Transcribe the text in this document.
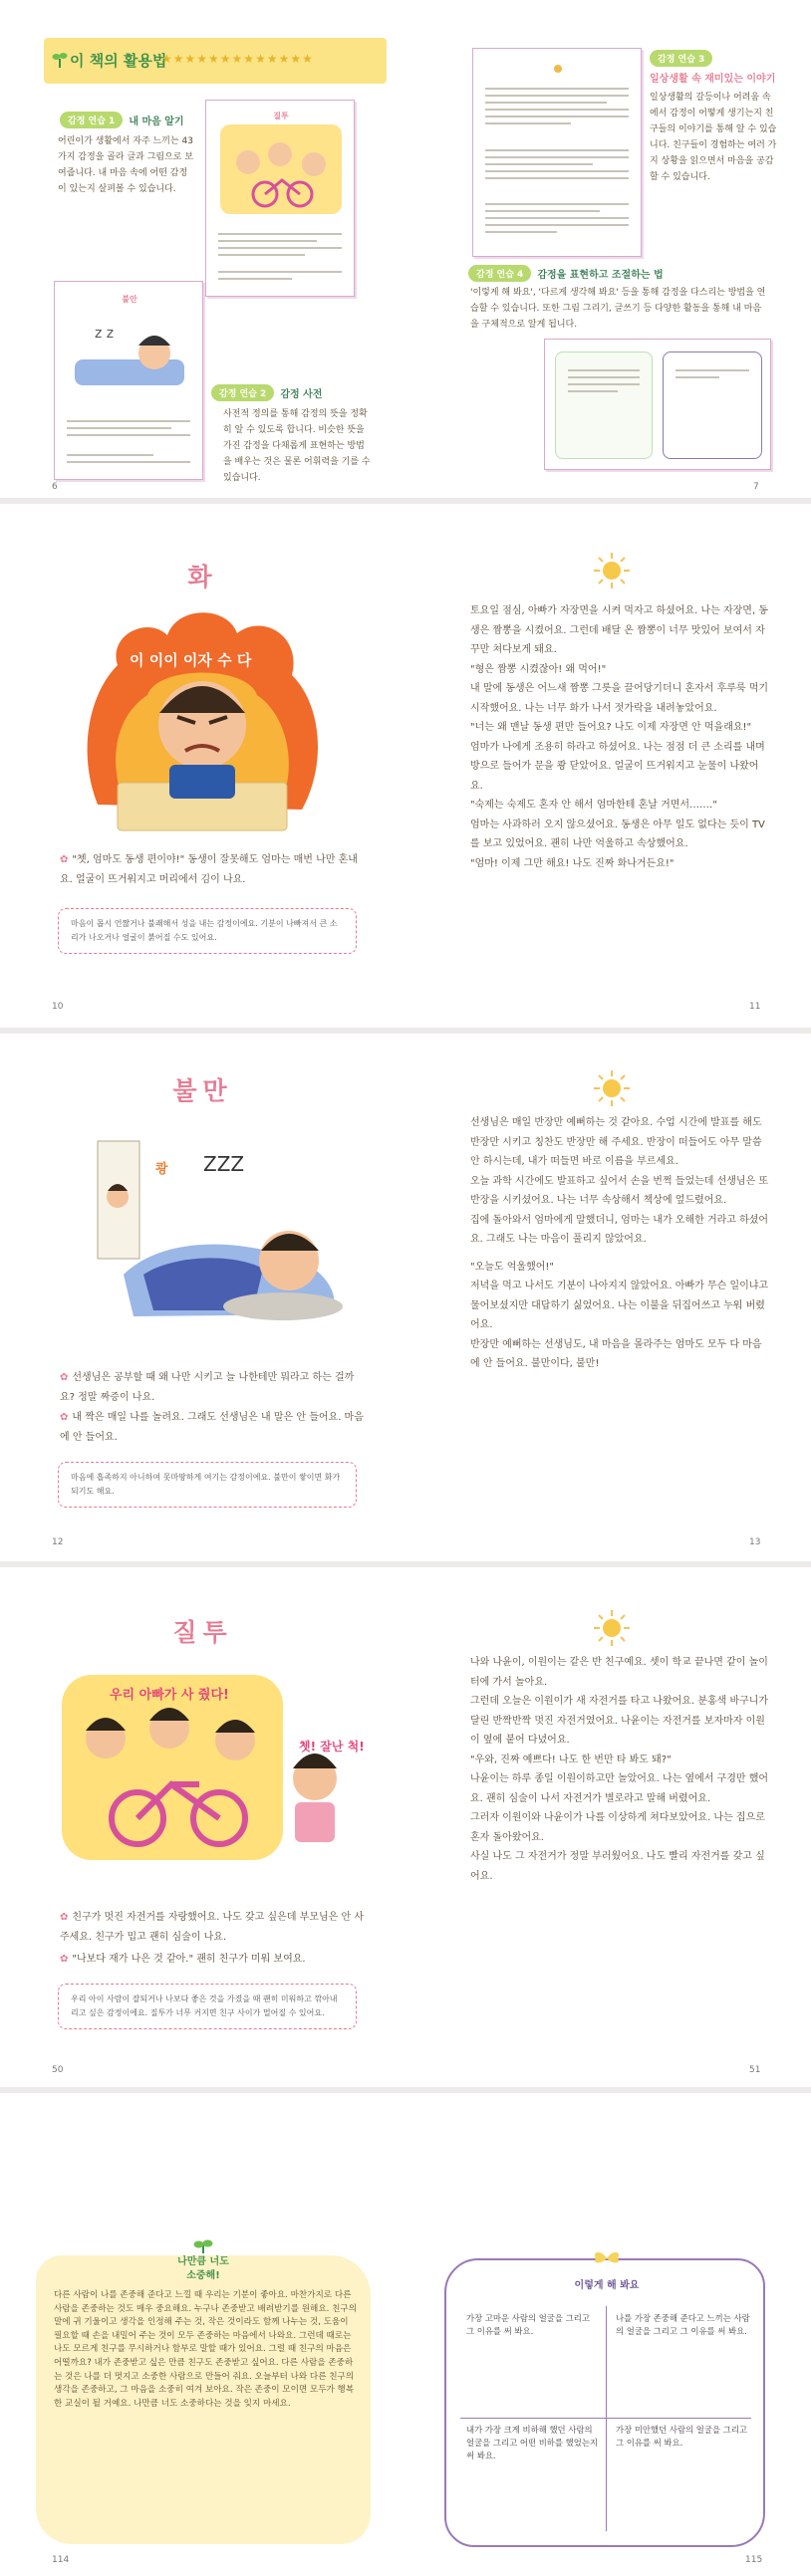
이 책의 활용법
★★★★★★★★★★★★★
감정 연습 1	내 마음 알기
어린이가 생활에서 자주 느끼는 43가지 감정을 골라 글과 그림으로 보여줍니다. 내 마음 속에 어떤 감정이 있는지 살펴볼 수 있습니다.
질투
불안
z z
감정 연습 2	감정 사전
사전적 정의를 통해 감정의 뜻을 정확히 알 수 있도록 합니다. 비슷한 뜻을 가진 감정을 다채롭게 표현하는 방법을 배우는 것은 물론 어휘력을 기를 수 있습니다.
감정 연습 3
일상생활 속 재미있는 이야기
일상생활의 갈등이나 어려움 속에서 감정이 어떻게 생기는지 친구들의 이야기를 통해 알 수 있습니다. 친구들이 경험하는 여러 가지 상황을 읽으면서 마음을 공감할 수 있습니다.
감정 연습 4	감정을 표현하고 조절하는 법
'이렇게 해 봐요', '다르게 생각해 봐요' 등을 통해 감정을 다스리는 방법을 연습할 수 있습니다. 또한 그림 그리기, 글쓰기 등 다양한 활동을 통해 내 마음을 구체적으로 알게 됩니다.
6	7
화
이 이이 이자 수 다
✿ "쳇, 엄마도 동생 편이야!" 동생이 잘못해도 엄마는 매번 나만 혼내요. 얼굴이 뜨거워지고 머리에서 김이 나요.
마음이 몹시 언짢거나 불쾌해서 성을 내는 감정이에요. 기분이 나빠져서 큰 소리가 나오거나 얼굴이 붉어질 수도 있어요.

토요일 점심, 아빠가 자장면을 시켜 먹자고 하셨어요. 나는 자장면, 동생은 짬뽕을 시켰어요. 그런데 배달 온 짬뽕이 너무 맛있어 보여서 자꾸만 쳐다보게 돼요.

"형은 짬뽕 시켰잖아! 왜 먹어!"

내 말에 동생은 어느새 짬뽕 그릇을 끌어당기더니 혼자서 후루룩 먹기 시작했어요. 나는 너무 화가 나서 젓가락을 내려놓았어요.

"너는 왜 맨날 동생 편만 들어요? 나도 이제 자장면 안 먹을래요!"

엄마가 나에게 조용히 하라고 하셨어요. 나는 점점 더 큰 소리를 내며 방으로 들어가 문을 쾅 닫았어요. 얼굴이 뜨거워지고 눈물이 나왔어요.

"숙제는 숙제도 혼자 안 해서 엄마한테 혼날 거면서……."

엄마는 사과하러 오지 않으셨어요. 동생은 아무 일도 없다는 듯이 TV를 보고 있었어요. 괜히 나만 억울하고 속상했어요.

"엄마! 이제 그만 해요! 나도 진짜 화나거든요!"

10	11
불만
ZZZ
쾅
✿ 선생님은 공부할 때 왜 나만 시키고 늘 나한테만 뭐라고 하는 걸까요? 정말 짜증이 나요.
✿ 내 짝은 매일 나를 놀려요. 그래도 선생님은 내 말은 안 들어요. 마음에 안 들어요.
마음에 흡족하지 아니하여 못마땅하게 여기는 감정이에요. 불만이 쌓이면 화가 되기도 해요.

선생님은 매일 반장만 예뻐하는 것 같아요. 수업 시간에 발표를 해도 반장만 시키고 칭찬도 반장만 해 주세요. 반장이 떠들어도 아무 말씀 안 하시는데, 내가 떠들면 바로 이름을 부르세요.

오늘 과학 시간에도 발표하고 싶어서 손을 번쩍 들었는데 선생님은 또 반장을 시키셨어요. 나는 너무 속상해서 책상에 엎드렸어요.

집에 돌아와서 엄마에게 말했더니, 엄마는 내가 오해한 거라고 하셨어요. 그래도 나는 마음이 풀리지 않았어요.

"오늘도 억울했어!"

저녁을 먹고 나서도 기분이 나아지지 않았어요. 아빠가 무슨 일이냐고 물어보셨지만 대답하기 싫었어요. 나는 이불을 뒤집어쓰고 누워 버렸어요.

반장만 예뻐하는 선생님도, 내 마음을 몰라주는 엄마도 모두 다 마음에 안 들어요. 불만이다, 불만!

12	13
질투
우리 아빠가 사 줬다!
쳇! 잘난 척!
✿ 친구가 멋진 자전거를 자랑했어요. 나도 갖고 싶은데 부모님은 안 사 주세요. 친구가 밉고 괜히 심술이 나요.
✿ "나보다 재가 나은 것 같아." 괜히 친구가 미워 보여요.
우리 아이 사람이 잘되거나 나보다 좋은 것을 가졌을 때 괜히 미워하고 깎아내리고 싶은 감정이에요. 질투가 너무 커지면 친구 사이가 멀어질 수 있어요.

나와 나윤이, 이원이는 같은 반 친구예요. 셋이 학교 끝나면 같이 놀이터에 가서 놀아요.

그런데 오늘은 이원이가 새 자전거를 타고 나왔어요. 분홍색 바구니가 달린 반짝반짝 멋진 자전거였어요. 나윤이는 자전거를 보자마자 이원이 옆에 붙어 다녔어요.

"우와, 진짜 예쁘다! 나도 한 번만 타 봐도 돼?"

나윤이는 하루 종일 이원이하고만 놀았어요. 나는 옆에서 구경만 했어요. 괜히 심술이 나서 자전거가 별로라고 말해 버렸어요.

그러자 이원이와 나윤이가 나를 이상하게 쳐다보았어요. 나는 집으로 혼자 돌아왔어요.

사실 나도 그 자전거가 정말 부러웠어요. 나도 빨리 자전거를 갖고 싶어요.

50	51
나만큼 너도
소중해!
다른 사람이 나를 존중해 준다고 느낄 때 우리는 기분이 좋아요. 마찬가지로 다른 사람을 존중하는 것도 매우 중요해요. 누구나 존중받고 배려받기를 원해요. 친구의 말에 귀 기울이고 생각을 인정해 주는 것, 작은 것이라도 함께 나누는 것, 도움이 필요할 때 손을 내밀어 주는 것이 모두 존중하는 마음에서 나와요. 그런데 때로는 나도 모르게 친구를 무시하거나 함부로 말할 때가 있어요. 그럴 때 친구의 마음은 어떨까요? 내가 존중받고 싶은 만큼 친구도 존중받고 싶어요. 다른 사람을 존중하는 것은 나를 더 멋지고 소중한 사람으로 만들어 줘요. 오늘부터 나와 다른 친구의 생각을 존중하고, 그 마음을 소중히 여겨 보아요. 작은 존중이 모이면 모두가 행복한 교실이 될 거예요. 나만큼 너도 소중하다는 것을 잊지 마세요.
이렇게 해 봐요
가장 고마운 사람의 얼굴을 그리고 그 이유를 써 봐요.
나를 가장 존중해 준다고 느끼는 사람의 얼굴을 그리고 그 이유를 써 봐요.
내가 가장 크게 비하해 했던 사람의 얼굴을 그리고 어떤 비하를 했었는지 써 봐요.
가장 미안했던 사람의 얼굴을 그리고 그 이유를 써 봐요.
114	115
